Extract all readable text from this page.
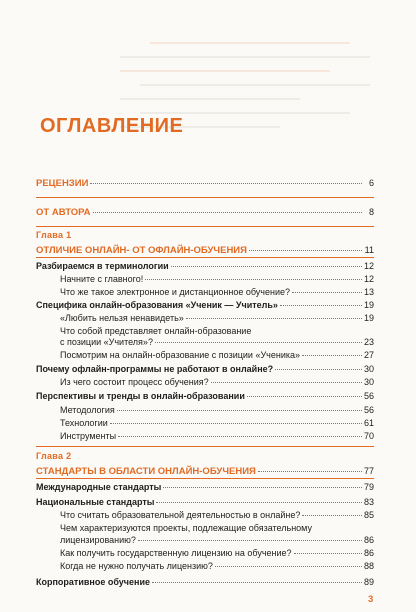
ОГЛАВЛЕНИЕ
РЕЦЕНЗИИ	6
ОТ АВТОРА	8
Глава 1
ОТЛИЧИЕ ОНЛАЙН- ОТ ОФЛАЙН-ОБУЧЕНИЯ	11
Разбираемся в терминологии	12
Начните с главного!	12
Что же такое электронное и дистанционное обучение?	13
Специфика онлайн-образования «Ученик — Учитель»	19
«Любить нельзя ненавидеть»	19
Что собой представляет онлайн-образование
с позиции «Учителя»?	23
Посмотрим на онлайн-образование с позиции «Ученика»	27
Почему офлайн-программы не работают в онлайне?	30
Из чего состоит процесс обучения?	30
Перспективы и тренды в онлайн-образовании	56
Методология	56
Технологии	61
Инструменты	70
Глава 2
СТАНДАРТЫ В ОБЛАСТИ ОНЛАЙН-ОБУЧЕНИЯ	77
Международные стандарты	79
Национальные стандарты	83
Что считать образовательной деятельностью в онлайне?	85
Чем характеризуются проекты, подлежащие обязательному
лицензированию?	86
Как получить государственную лицензию на обучение?	86
Когда не нужно получать лицензию?	88
Корпоративное обучение	89
3
